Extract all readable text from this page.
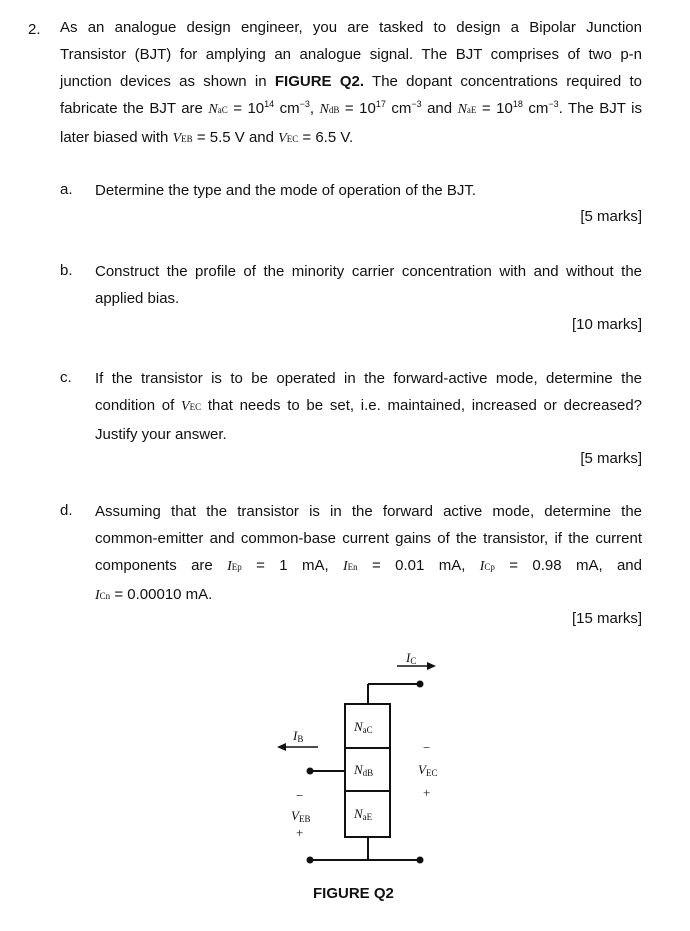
2. As an analogue design engineer, you are tasked to design a Bipolar Junction
Transistor (BJT) for amplying an analogue signal. The BJT comprises of two p-n
junction devices as shown in FIGURE Q2. The dopant concentrations required to
fabricate the BJT are NaC = $10^{14}$ $cm^{-3}$, NdB = $10^{17}$ $cm^{-3}$ and NaE = $10^{18}$ $cm^{-3}$. The BJT is
later biased with VEB = 5.5 V and VEC = 6.5 V.
a. Determine the type and the mode of operation of the BJT.
[5 marks]
b. Construct the profile of the minority carrier concentration with and without the
applied bias.
[10 marks]
c. If the transistor is to be operated in the forward-active mode, determine the
condition of VEC that needs to be set, i.e. maintained, increased or decreased?
Justify your answer.
[5 marks]
d. Assuming that the transistor is in the forward active mode, determine the
common-emitter and common-base current gains of the transistor, if the current
components are IEp = 1 mA, IEn = 0.01 mA, ICp = 0.98 mA, and
ICn = 0.00010 mA.
[15 marks]
IC
IB
NaC
NdB
NaE
VEC
VEB
−
+
−
+
FIGURE Q2
